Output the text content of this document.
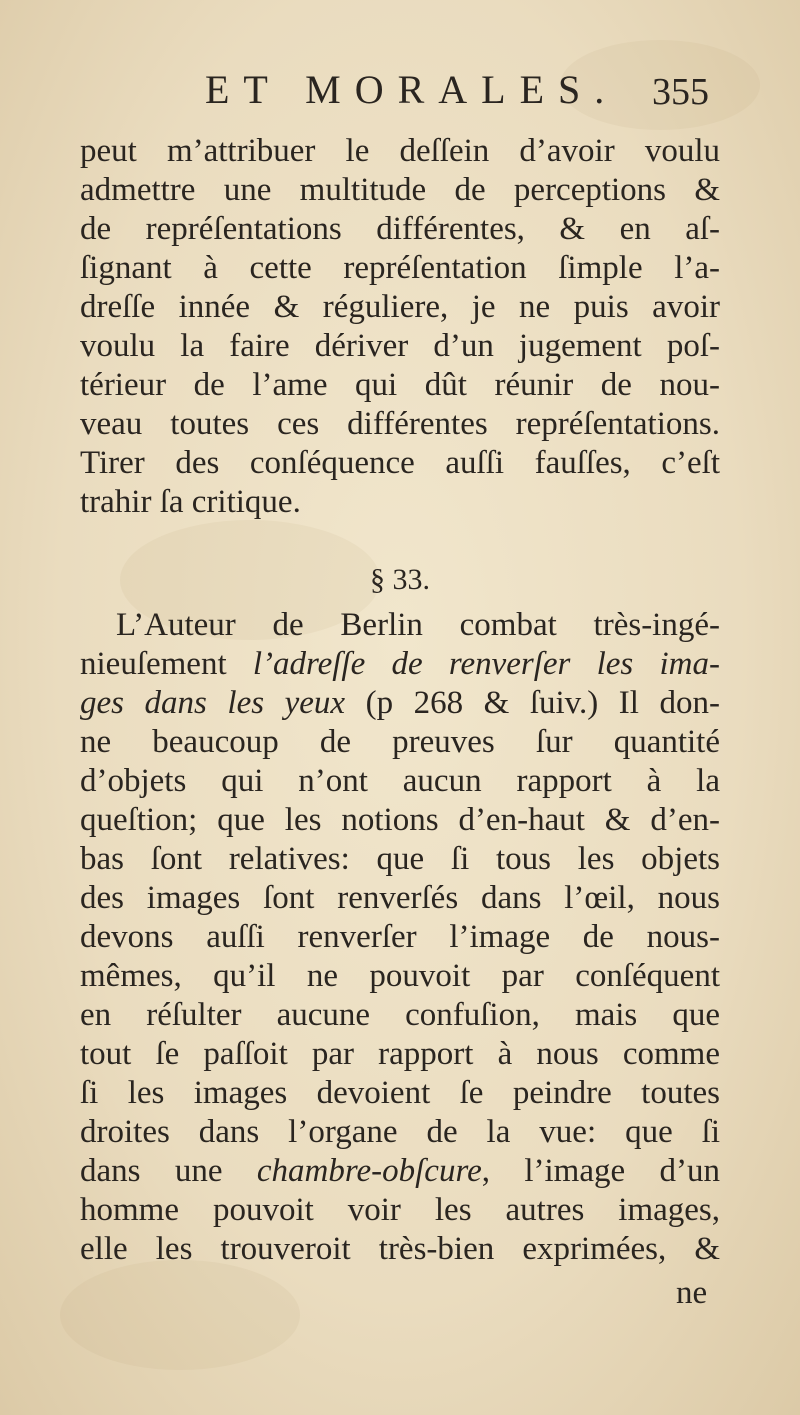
ET MORALES. 355
peut m’attribuer le deſſein d’avoir voulu
admettre une multitude de perceptions &
de repréſentations différentes, & en aſ-
ſignant à cette repréſentation ſimple l’a-
dreſſe innée & réguliere, je ne puis avoir
voulu la faire dériver d’un jugement poſ-
térieur de l’ame qui dût réunir de nou-
veau toutes ces différentes repréſentations.
Tirer des conſéquence auſſi fauſſes, c’eſt
trahir ſa critique.
§ 33.
L’Auteur de Berlin combat très-ingé-
nieuſement l’adreſſe de renverſer les ima-
ges dans les yeux (p 268 & ſuiv.) Il don-
ne beaucoup de preuves ſur quantité
d’objets qui n’ont aucun rapport à la
queſtion; que les notions d’en-haut & d’en-
bas ſont relatives: que ſi tous les objets
des images ſont renverſés dans l’œil, nous
devons auſſi renverſer l’image de nous-
mêmes, qu’il ne pouvoit par conſéquent
en réſulter aucune confuſion, mais que
tout ſe paſſoit par rapport à nous comme
ſi les images devoient ſe peindre toutes
droites dans l’organe de la vue: que ſi
dans une chambre-obſcure, l’image d’un
homme pouvoit voir les autres images,
elle les trouveroit très-bien exprimées, &
ne
